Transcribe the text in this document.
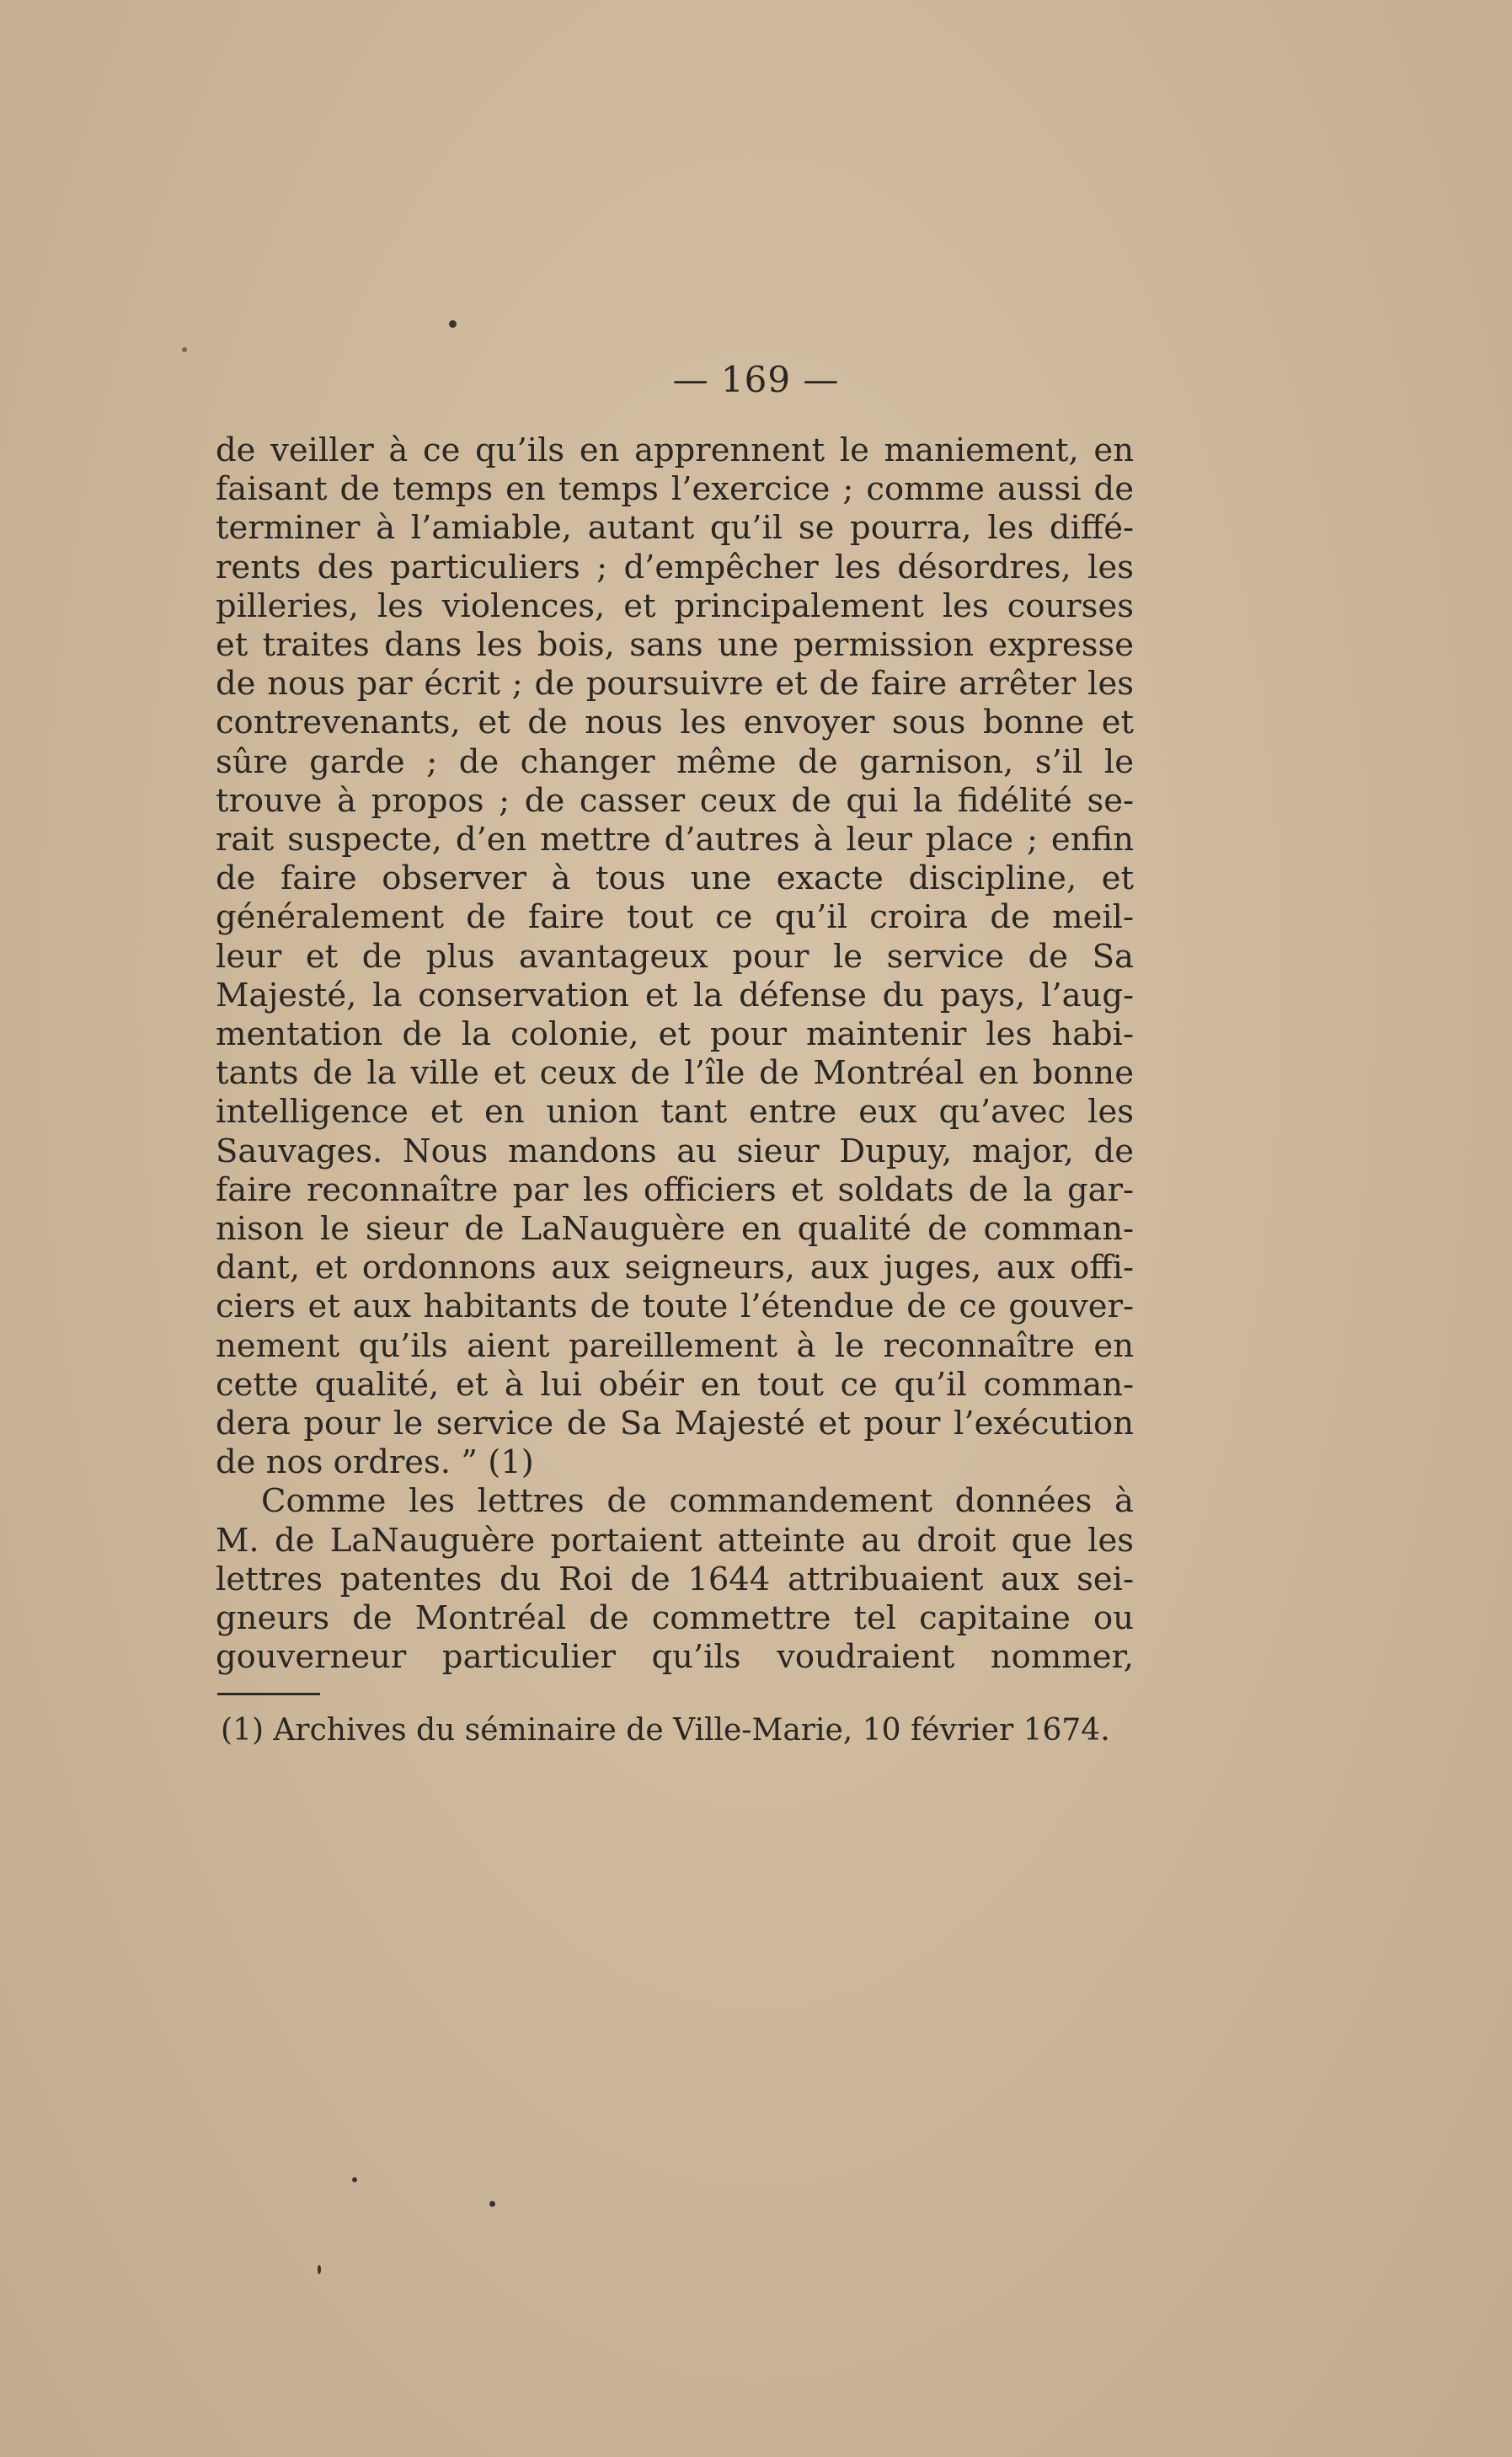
— 169 —
de veiller à ce qu’ils en apprennent le maniement, en
faisant de temps en temps l’exercice ; comme aussi de
terminer à l’amiable, autant qu’il se pourra, les diffé-
rents des particuliers ; d’empêcher les désordres, les
pilleries, les violences, et principalement les courses
et traites dans les bois, sans une permission expresse
de nous par écrit ; de poursuivre et de faire arrêter les
contrevenants, et de nous les envoyer sous bonne et
sûre garde ; de changer même de garnison, s’il le
trouve à propos ; de casser ceux de qui la fidélité se-
rait suspecte, d’en mettre d’autres à leur place ; enfin
de faire observer à tous une exacte discipline, et
généralement de faire tout ce qu’il croira de meil-
leur et de plus avantageux pour le service de Sa
Majesté, la conservation et la défense du pays, l’aug-
mentation de la colonie, et pour maintenir les habi-
tants de la ville et ceux de l’île de Montréal en bonne
intelligence et en union tant entre eux qu’avec les
Sauvages. Nous mandons au sieur Dupuy, major, de
faire reconnaître par les officiers et soldats de la gar-
nison le sieur de LaNauguère en qualité de comman-
dant, et ordonnons aux seigneurs, aux juges, aux offi-
ciers et aux habitants de toute l’étendue de ce gouver-
nement qu’ils aient pareillement à le reconnaître en
cette qualité, et à lui obéir en tout ce qu’il comman-
dera pour le service de Sa Majesté et pour l’exécution
de nos ordres. ” (1)
Comme les lettres de commandement données à
M. de LaNauguère portaient atteinte au droit que les
lettres patentes du Roi de 1644 attribuaient aux sei-
gneurs de Montréal de commettre tel capitaine ou
gouverneur particulier qu’ils voudraient nommer,
(1) Archives du séminaire de Ville-Marie, 10 février 1674.
